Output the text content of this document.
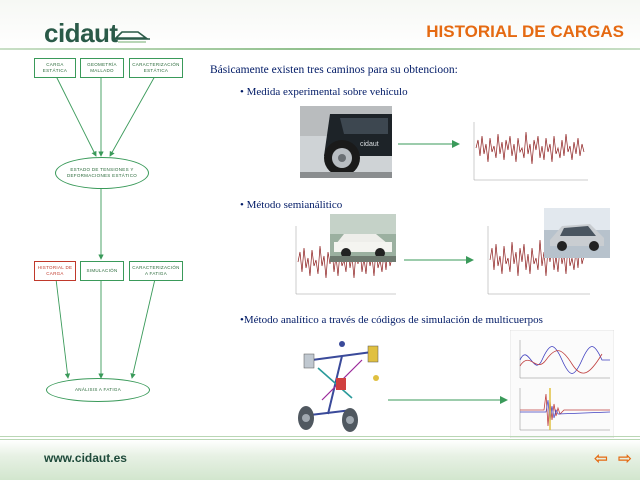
cidaut	HISTORIAL DE CARGAS
CARGA ESTÁTICA
GEOMETRÍA MALLADO
CARACTERIZACIÓN ESTÁTICA
ESTADO DE TENSIONES Y DEFORMACIONES ESTÁTICO
HISTORIAL DE CARGA
SIMULACIÓN
CARACTERIZACIÓN A FATIGA
ANÁLISIS A FATIGA
Básicamente existen tres caminos para su obtencioon:
• Medida experimental sobre vehículo
• Método semianálitico
•Método analítico a través de códigos de simulación de multicuerpos
cidaut
www.cidaut.es	⇦ ⇨
